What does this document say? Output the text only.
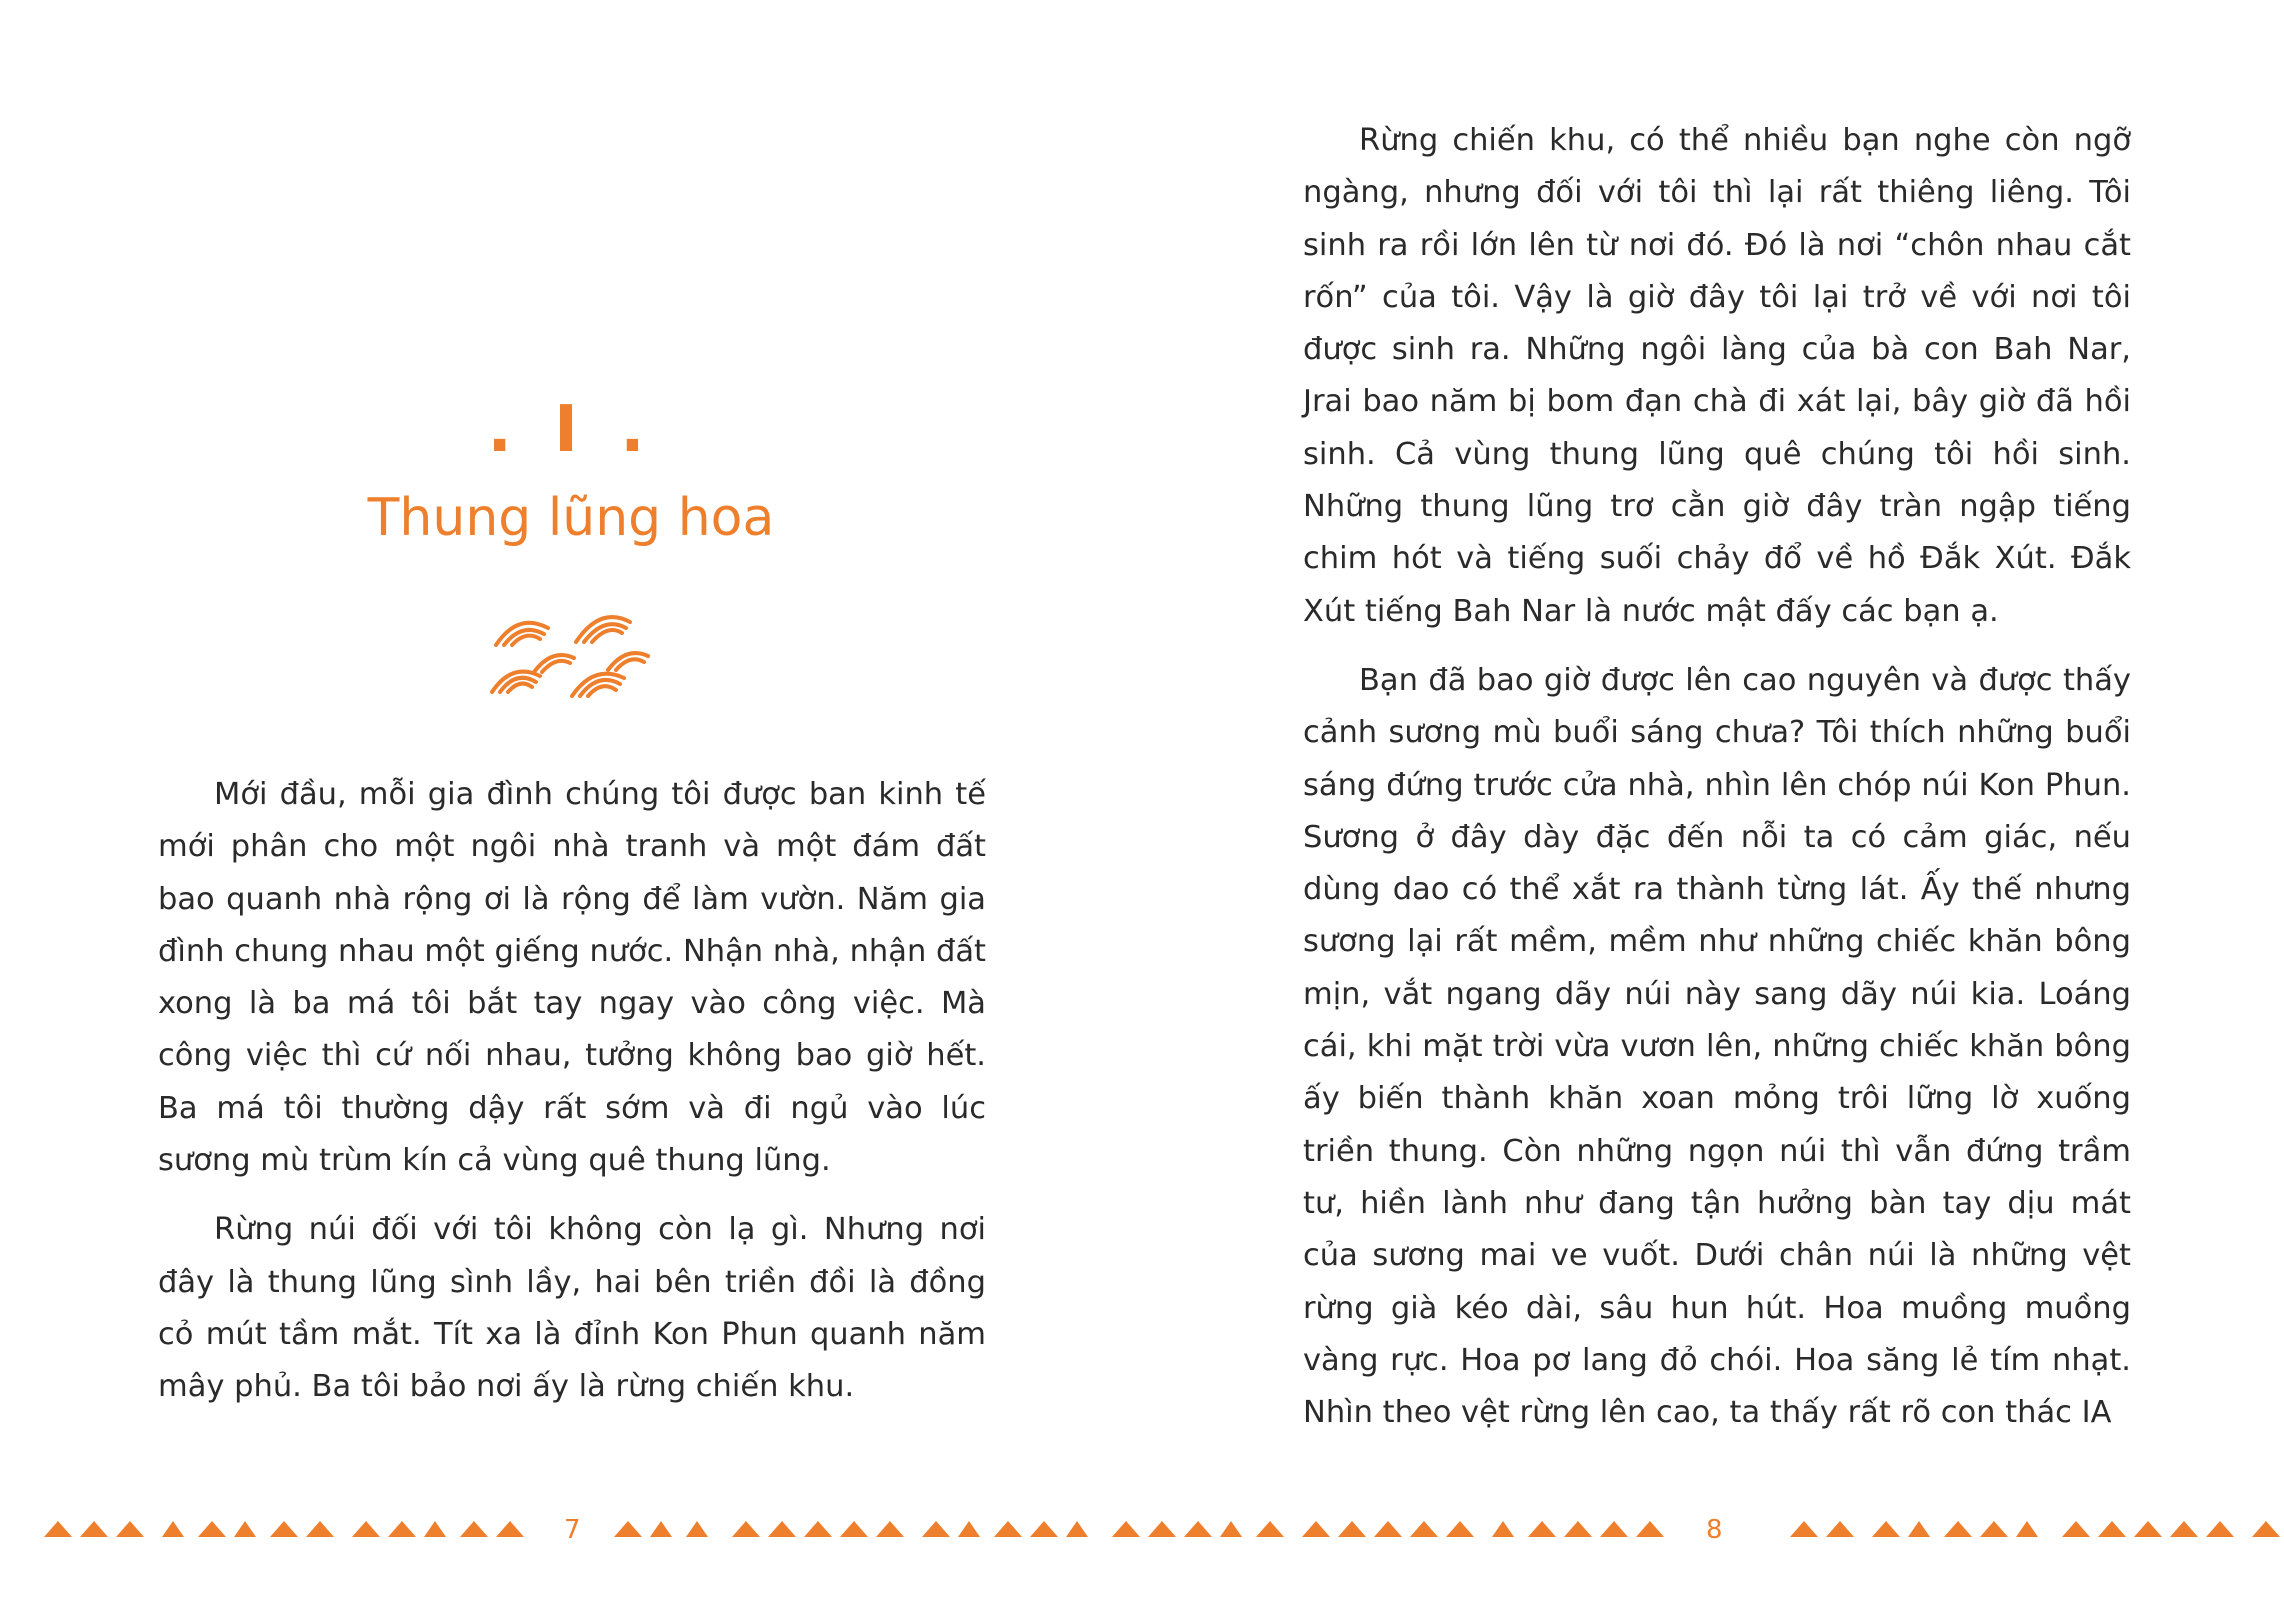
. I .
Thung lũng hoa

Mới đầu, mỗi gia đình chúng tôi được ban kinh tế mới phân cho một ngôi nhà tranh và một đám đất bao quanh nhà rộng ơi là rộng để làm vườn. Năm gia đình chung nhau một giếng nước. Nhận nhà, nhận đất xong là ba má tôi bắt tay ngay vào công việc. Mà công việc thì cứ nối nhau, tưởng không bao giờ hết. Ba má tôi thường dậy rất sớm và đi ngủ vào lúc sương mù trùm kín cả vùng quê thung lũng.

Rừng núi đối với tôi không còn lạ gì. Nhưng nơi đây là thung lũng sình lầy, hai bên triền đồi là đồng cỏ mút tầm mắt. Tít xa là đỉnh Kon Phun quanh năm mây phủ. Ba tôi bảo nơi ấy là rừng chiến khu.

Rừng chiến khu, có thể nhiều bạn nghe còn ngỡ ngàng, nhưng đối với tôi thì lại rất thiêng liêng. Tôi sinh ra rồi lớn lên từ nơi đó. Đó là nơi “chôn nhau cắt rốn” của tôi. Vậy là giờ đây tôi lại trở về với nơi tôi được sinh ra. Những ngôi làng của bà con Bah Nar, Jrai bao năm bị bom đạn chà đi xát lại, bây giờ đã hồi sinh. Cả vùng thung lũng quê chúng tôi hồi sinh. Những thung lũng trơ cằn giờ đây tràn ngập tiếng chim hót và tiếng suối chảy đổ về hồ Đắk Xút. Đắk Xút tiếng Bah Nar là nước mật đấy các bạn ạ.

Bạn đã bao giờ được lên cao nguyên và được thấy cảnh sương mù buổi sáng chưa? Tôi thích những buổi sáng đứng trước cửa nhà, nhìn lên chóp núi Kon Phun. Sương ở đây dày đặc đến nỗi ta có cảm giác, nếu dùng dao có thể xắt ra thành từng lát. Ấy thế nhưng sương lại rất mềm, mềm như những chiếc khăn bông mịn, vắt ngang dãy núi này sang dãy núi kia. Loáng cái, khi mặt trời vừa vươn lên, những chiếc khăn bông ấy biến thành khăn xoan mỏng trôi lững lờ xuống triền thung. Còn những ngọn núi thì vẫn đứng trầm tư, hiền lành như đang tận hưởng bàn tay dịu mát của sương mai ve vuốt. Dưới chân núi là những vệt rừng già kéo dài, sâu hun hút. Hoa muồng muồng vàng rực. Hoa pơ lang đỏ chói. Hoa săng lẻ tím nhạt. Nhìn theo vệt rừng lên cao, ta thấy rất rõ con thác IA

7	8
